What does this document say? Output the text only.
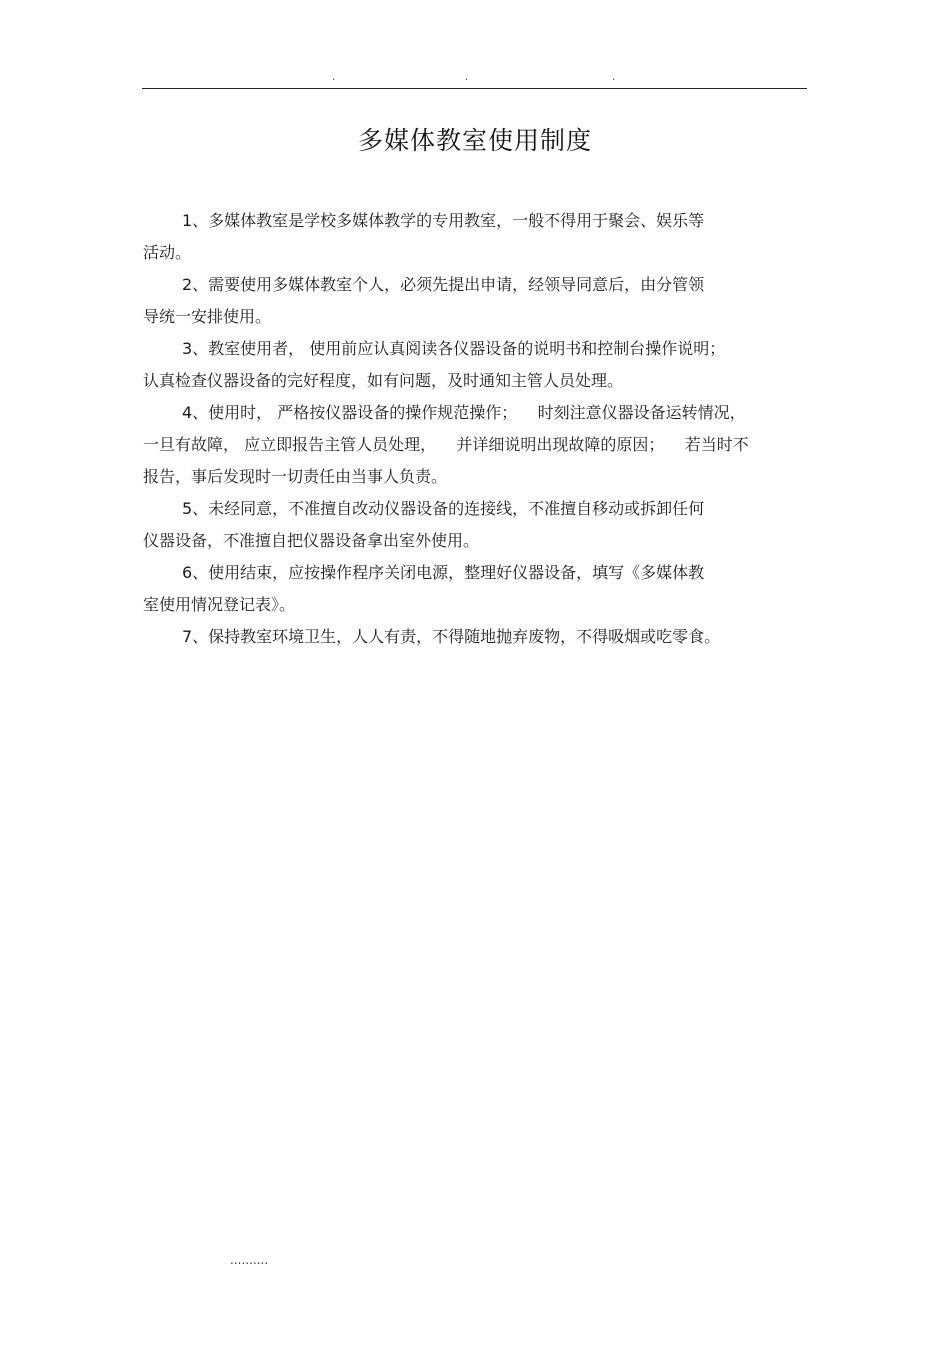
.	.	.
多媒体教室使用制度
1、多媒体教室是学校多媒体教学的专用教室，一般不得用于聚会、娱乐等
活动。
2、需要使用多媒体教室个人，必须先提出申请，经领导同意后，由分管领
导统一安排使用。
3、教室使用者， 使用前应认真阅读各仪器设备的说明书和控制台操作说明；
认真检查仪器设备的完好程度，如有问题，及时通知主管人员处理。
4、使用时， 严格按仪器设备的操作规范操作；    时刻注意仪器设备运转情况，
一旦有故障， 应立即报告主管人员处理，    并详细说明出现故障的原因；    若当时不
报告，事后发现时一切责任由当事人负责。
5、未经同意，不准擅自改动仪器设备的连接线，不准擅自移动或拆卸任何
仪器设备，不准擅自把仪器设备拿出室外使用。
6、使用结束，应按操作程序关闭电源，整理好仪器设备，填写《多媒体教
室使用情况登记表》。
7、保持教室环境卫生，人人有责，不得随地抛弃废物，不得吸烟或吃零食。
..........
